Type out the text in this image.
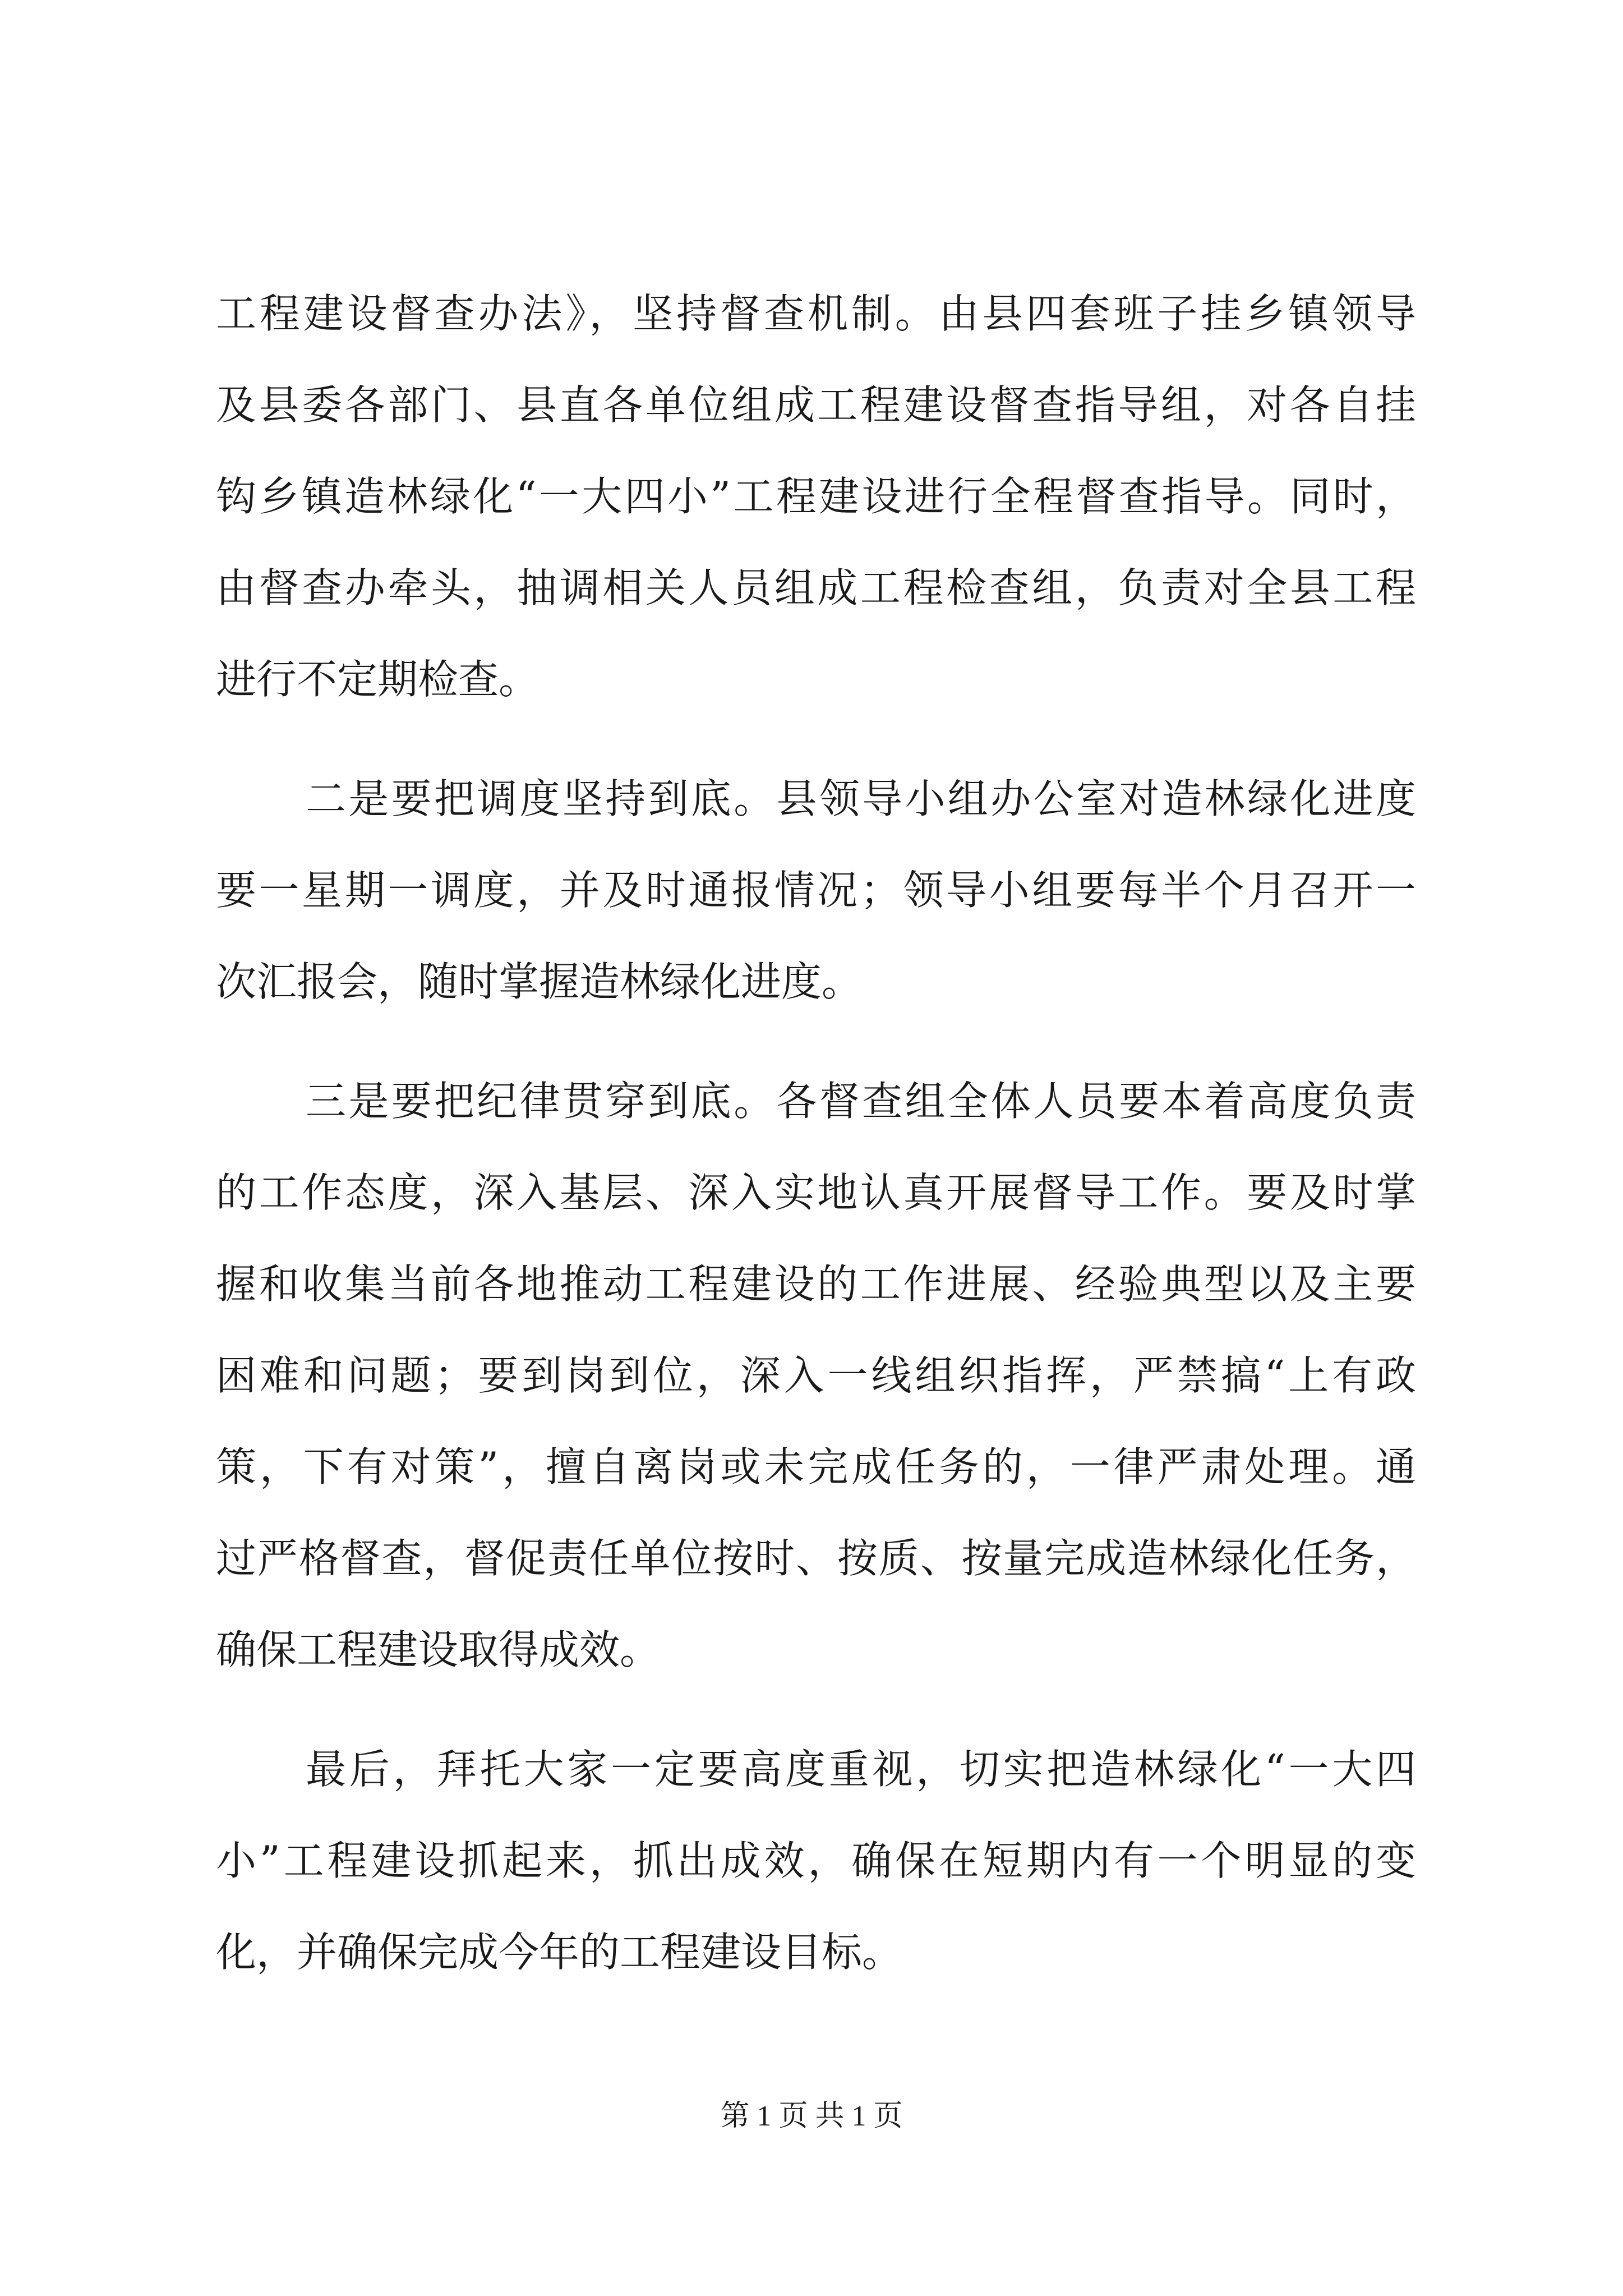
工程建设督查办法》，坚持督查机制。由县四套班子挂乡镇领导
及县委各部门、县直各单位组成工程建设督查指导组，对各自挂
钩乡镇造林绿化“一大四小”工程建设进行全程督查指导。同时，
由督查办牵头，抽调相关人员组成工程检查组，负责对全县工程
进行不定期检查。
二是要把调度坚持到底。县领导小组办公室对造林绿化进度
要一星期一调度，并及时通报情况；领导小组要每半个月召开一
次汇报会，随时掌握造林绿化进度。
三是要把纪律贯穿到底。各督查组全体人员要本着高度负责
的工作态度，深入基层、深入实地认真开展督导工作。要及时掌
握和收集当前各地推动工程建设的工作进展、经验典型以及主要
困难和问题；要到岗到位，深入一线组织指挥，严禁搞“上有政
策，下有对策”，擅自离岗或未完成任务的，一律严肃处理。通
过严格督查，督促责任单位按时、按质、按量完成造林绿化任务，
确保工程建设取得成效。
最后，拜托大家一定要高度重视，切实把造林绿化“一大四
小”工程建设抓起来，抓出成效，确保在短期内有一个明显的变
化，并确保完成今年的工程建设目标。
第 1 页 共 1 页
